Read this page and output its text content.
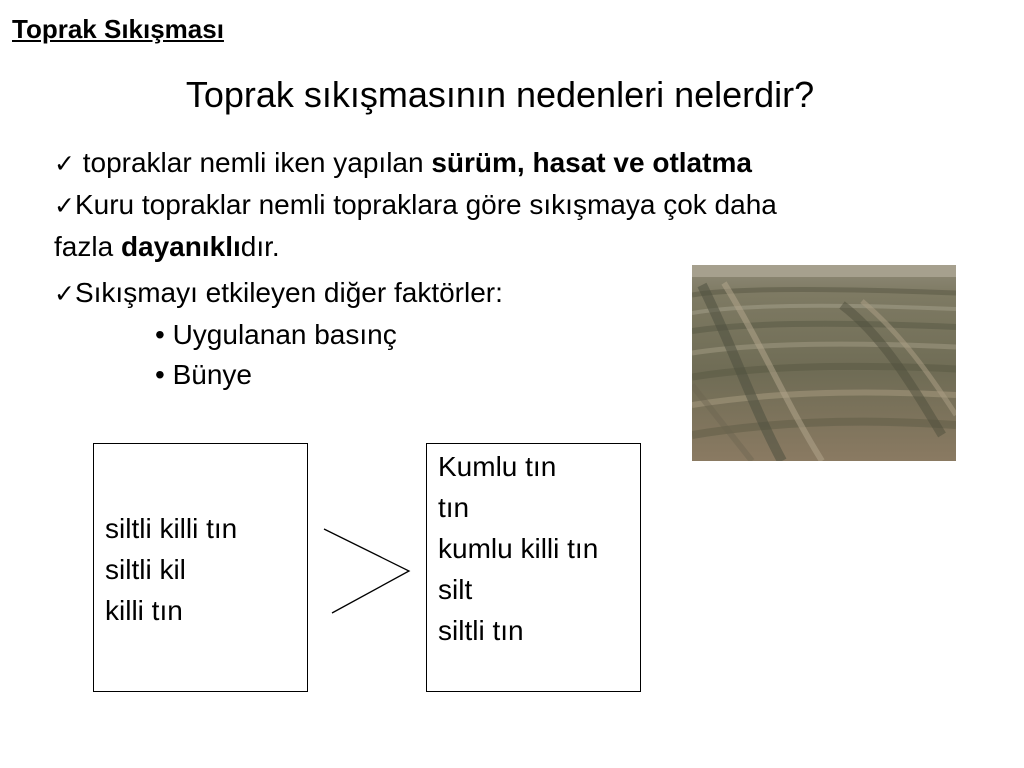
Toprak Sıkışması
Toprak sıkışmasının nedenleri nelerdir?
✓ topraklar nemli iken yapılan sürüm, hasat ve otlatma
✓Kuru topraklar nemli topraklara göre sıkışmaya çok daha
fazla dayanıklıdır.
✓Sıkışmayı etkileyen diğer faktörler:
• Uygulanan basınç
• Bünye
siltli killi tın
siltli kil
killi tın
Kumlu tın
tın
kumlu killi tın
silt
siltli tın
